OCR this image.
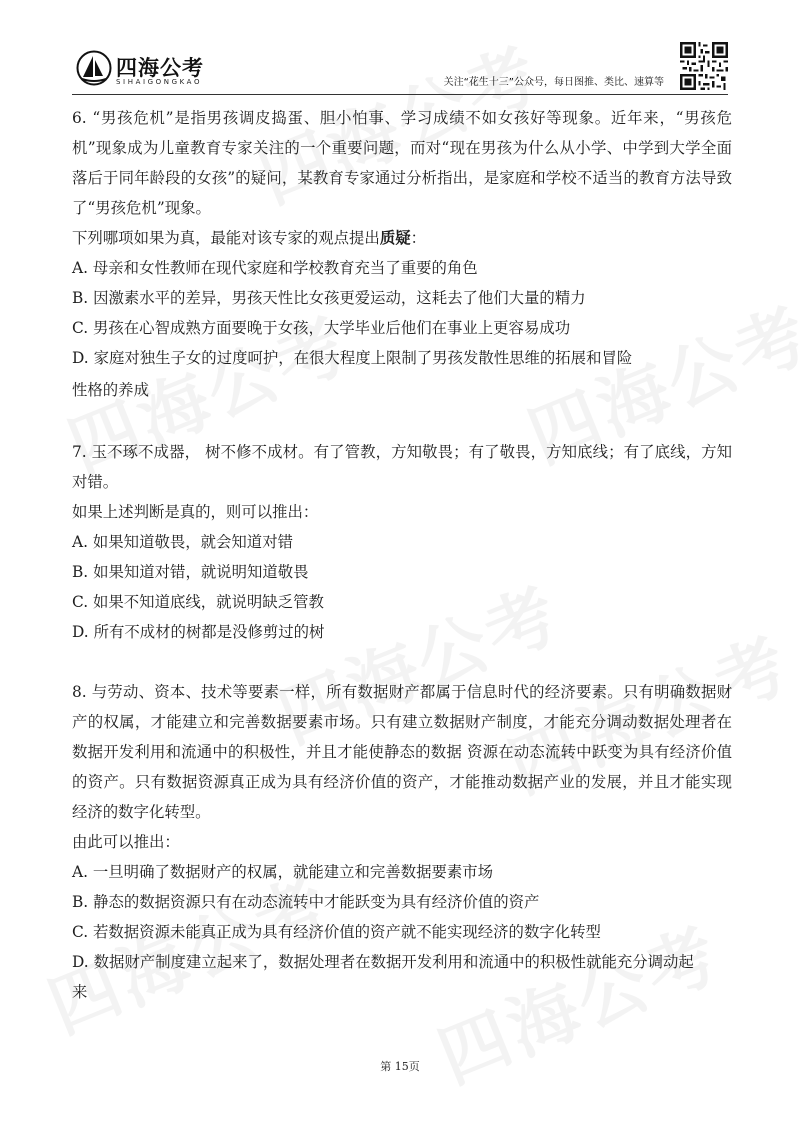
四海公考
SIHAIGONGKAO	关注“花生十三”公众号，每日图推、类比、速算等

6. “男孩危机”是指男孩调皮捣蛋、胆小怕事、学习成绩不如女孩好等现象。近年来，“男孩危机”现象成为儿童教育专家关注的一个重要问题，而对“现在男孩为什么从小学、中学到大学全面落后于同年龄段的女孩”的疑问，某教育专家通过分析指出，是家庭和学校不适当的教育方法导致了“男孩危机”现象。

下列哪项如果为真，最能对该专家的观点提出质疑：

A. 母亲和女性教师在现代家庭和学校教育充当了重要的角色

B. 因激素水平的差异，男孩天性比女孩更爱运动，这耗去了他们大量的精力

C. 男孩在心智成熟方面要晚于女孩，大学毕业后他们在事业上更容易成功

D. 家庭对独生子女的过度呵护，在很大程度上限制了男孩发散性思维的拓展和冒险

性格的养成

7. 玉不琢不成器， 树不修不成材。有了管教，方知敬畏；有了敬畏，方知底线；有了底线，方知对错。

如果上述判断是真的，则可以推出：

A. 如果知道敬畏，就会知道对错

B. 如果知道对错，就说明知道敬畏

C. 如果不知道底线，就说明缺乏管教

D. 所有不成材的树都是没修剪过的树

8. 与劳动、资本、技术等要素一样，所有数据财产都属于信息时代的经济要素。只有明确数据财产的权属，才能建立和完善数据要素市场。只有建立数据财产制度，才能充分调动数据处理者在数据开发利用和流通中的积极性，并且才能使静态的数据 资源在动态流转中跃变为具有经济价值的资产。只有数据资源真正成为具有经济价值的资产，才能推动数据产业的发展，并且才能实现经济的数字化转型。

由此可以推出：

A. 一旦明确了数据财产的权属，就能建立和完善数据要素市场

B. 静态的数据资源只有在动态流转中才能跃变为具有经济价值的资产

C. 若数据资源未能真正成为具有经济价值的资产就不能实现经济的数字化转型

D. 数据财产制度建立起来了，数据处理者在数据开发利用和流通中的积极性就能充分调动起

来

第 15页
